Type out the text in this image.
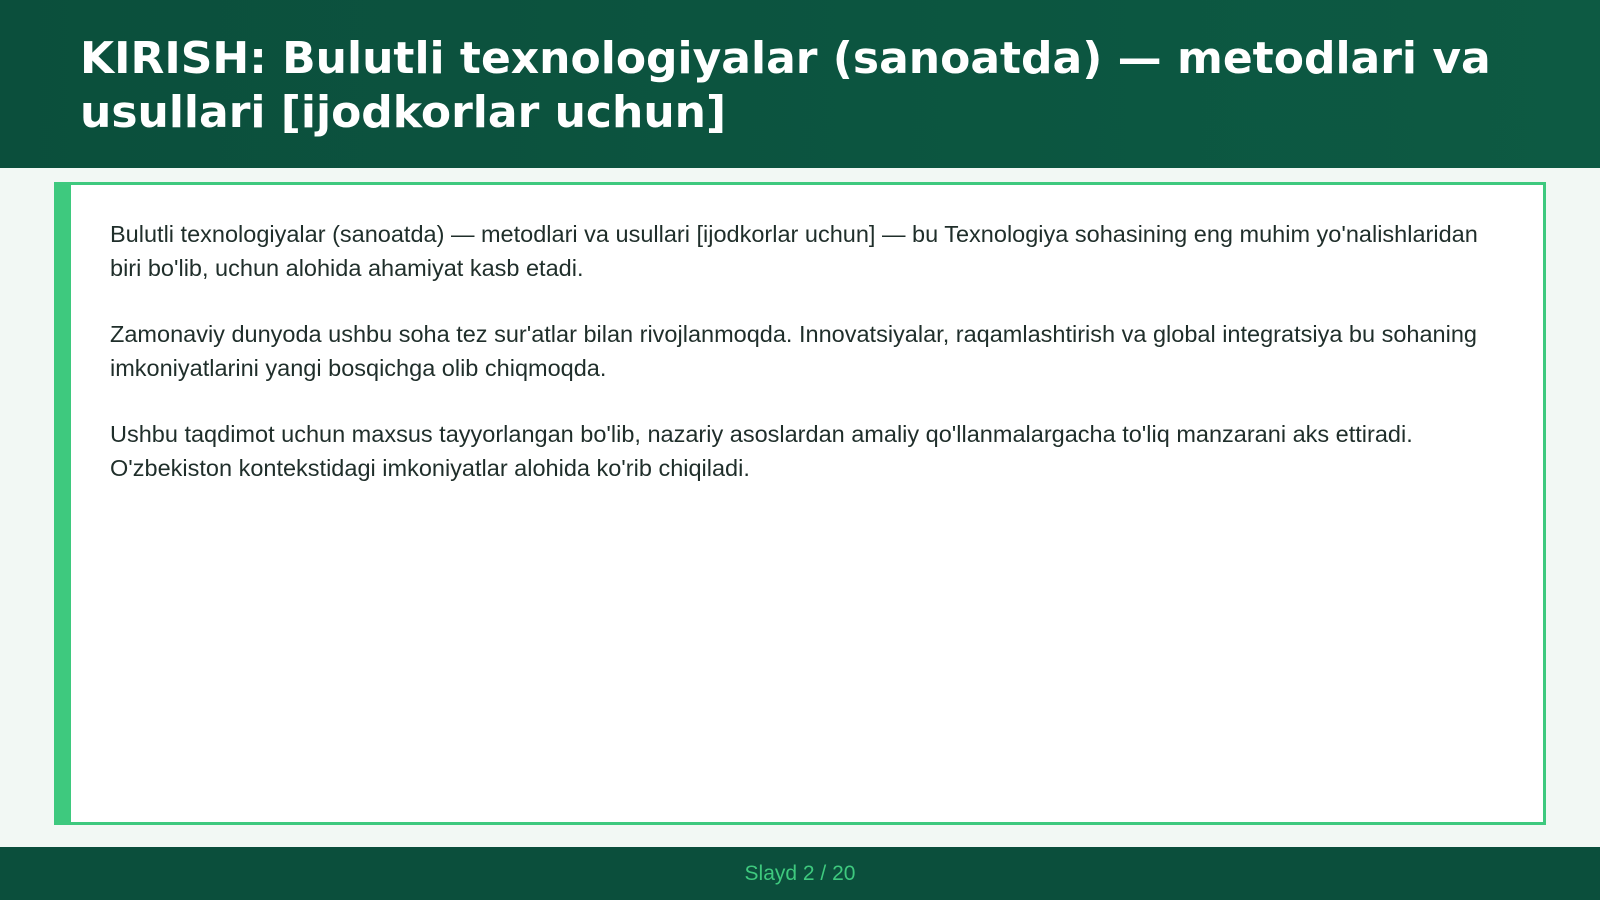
KIRISH: Bulutli texnologiyalar (sanoatda) — metodlari va usullari [ijodkorlar uchun]

Bulutli texnologiyalar (sanoatda) — metodlari va usullari [ijodkorlar uchun] — bu Texnologiya sohasining eng muhim yo'nalishlaridan biri bo'lib, uchun alohida ahamiyat kasb etadi.

Zamonaviy dunyoda ushbu soha tez sur'atlar bilan rivojlanmoqda. Innovatsiyalar, raqamlashtirish va global integratsiya bu sohaning imkoniyatlarini yangi bosqichga olib chiqmoqda.

Ushbu taqdimot uchun maxsus tayyorlangan bo'lib, nazariy asoslardan amaliy qo'llanmalargacha to'liq manzarani aks ettiradi. O'zbekiston kontekstidagi imkoniyatlar alohida ko'rib chiqiladi.

Slayd 2 / 20
